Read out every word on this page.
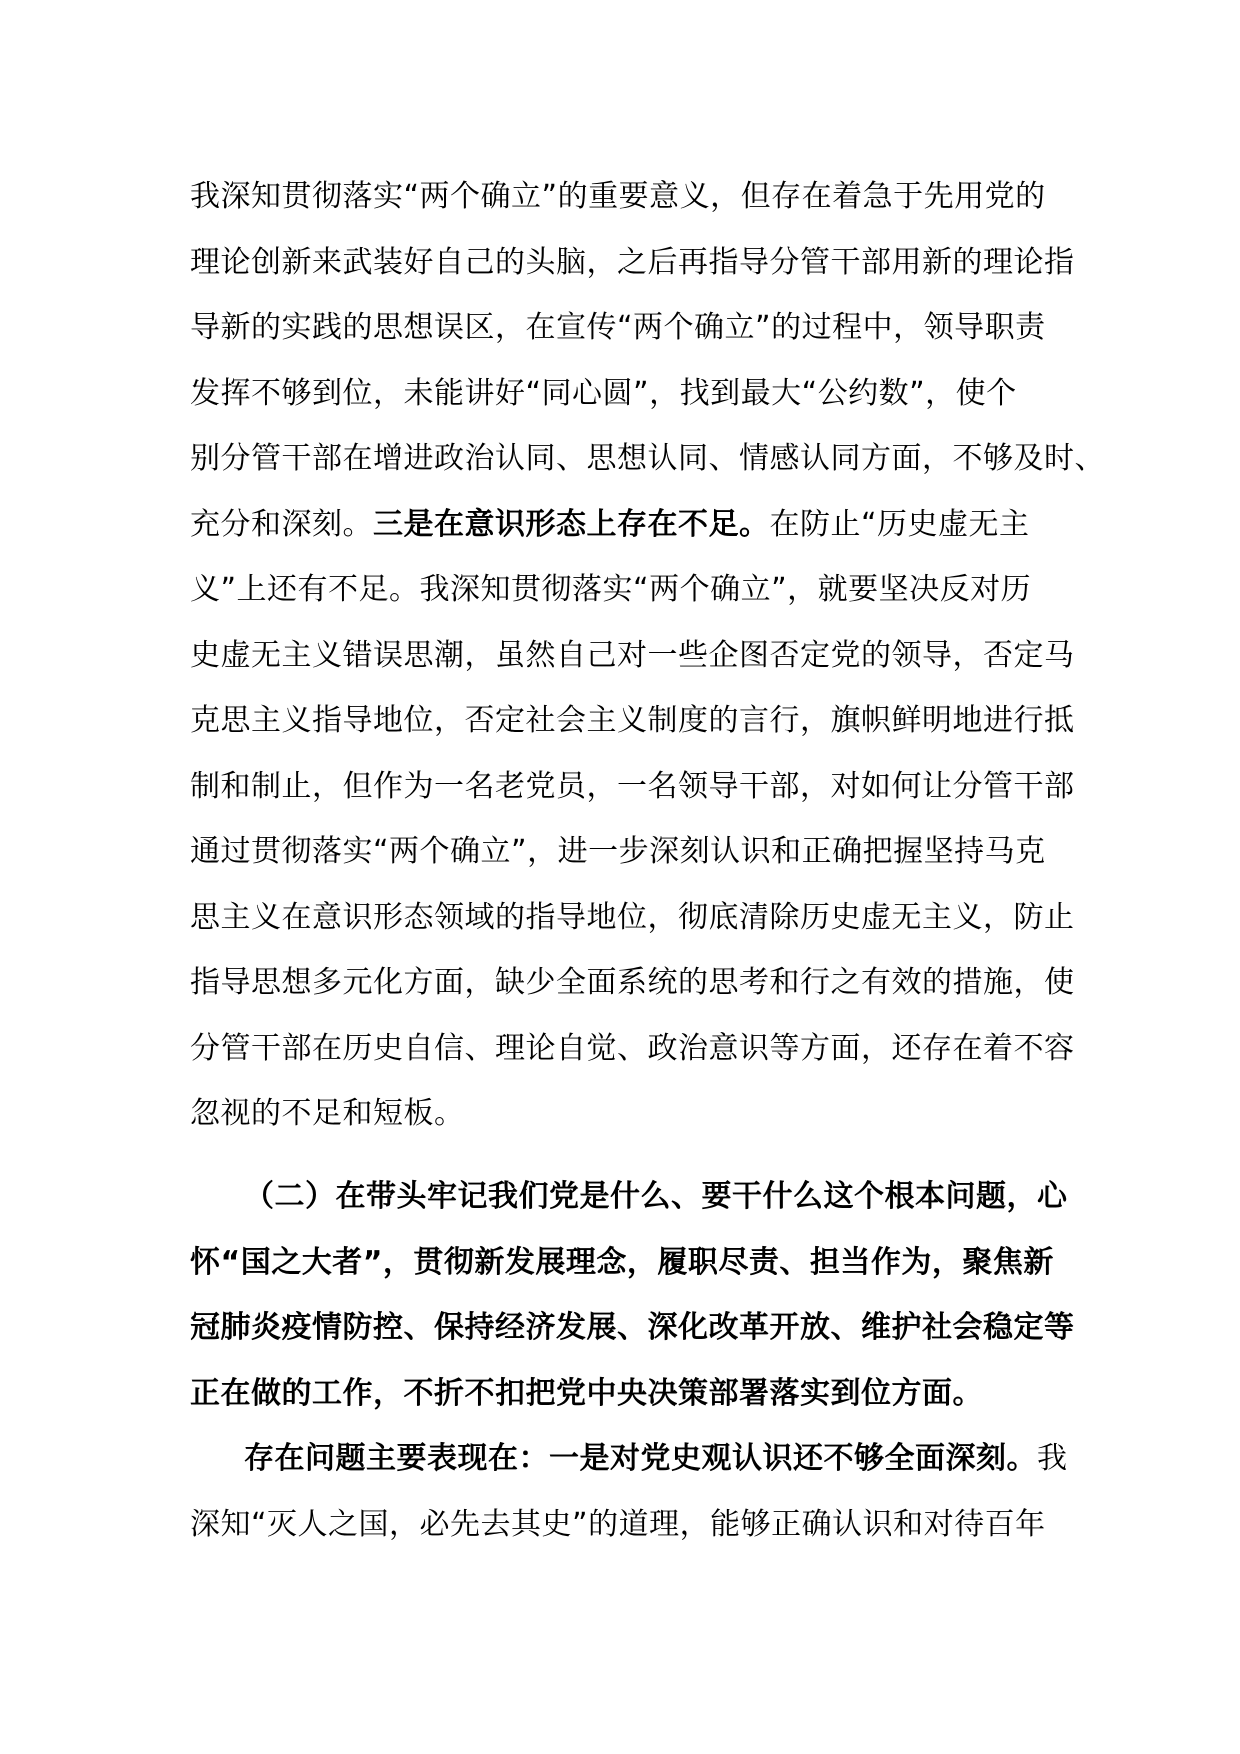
我深知贯彻落实“两个确立”的重要意义，但存在着急于先用党的
理论创新来武装好自己的头脑，之后再指导分管干部用新的理论指
导新的实践的思想误区，在宣传“两个确立”的过程中，领导职责
发挥不够到位，未能讲好“同心圆”，找到最大“公约数”，使个
别分管干部在增进政治认同、思想认同、情感认同方面，不够及时、
充分和深刻。三是在意识形态上存在不足。在防止“历史虚无主
义”上还有不足。我深知贯彻落实“两个确立”，就要坚决反对历
史虚无主义错误思潮，虽然自己对一些企图否定党的领导，否定马
克思主义指导地位，否定社会主义制度的言行，旗帜鲜明地进行抵
制和制止，但作为一名老党员，一名领导干部，对如何让分管干部
通过贯彻落实“两个确立”，进一步深刻认识和正确把握坚持马克
思主义在意识形态领域的指导地位，彻底清除历史虚无主义，防止
指导思想多元化方面，缺少全面系统的思考和行之有效的措施，使
分管干部在历史自信、理论自觉、政治意识等方面，还存在着不容
忽视的不足和短板。

（二）在带头牢记我们党是什么、要干什么这个根本问题，心
怀“国之大者”，贯彻新发展理念，履职尽责、担当作为，聚焦新
冠肺炎疫情防控、保持经济发展、深化改革开放、维护社会稳定等
正在做的工作，不折不扣把党中央决策部署落实到位方面。

存在问题主要表现在：一是对党史观认识还不够全面深刻。我
深知“灭人之国，必先去其史”的道理，能够正确认识和对待百年
